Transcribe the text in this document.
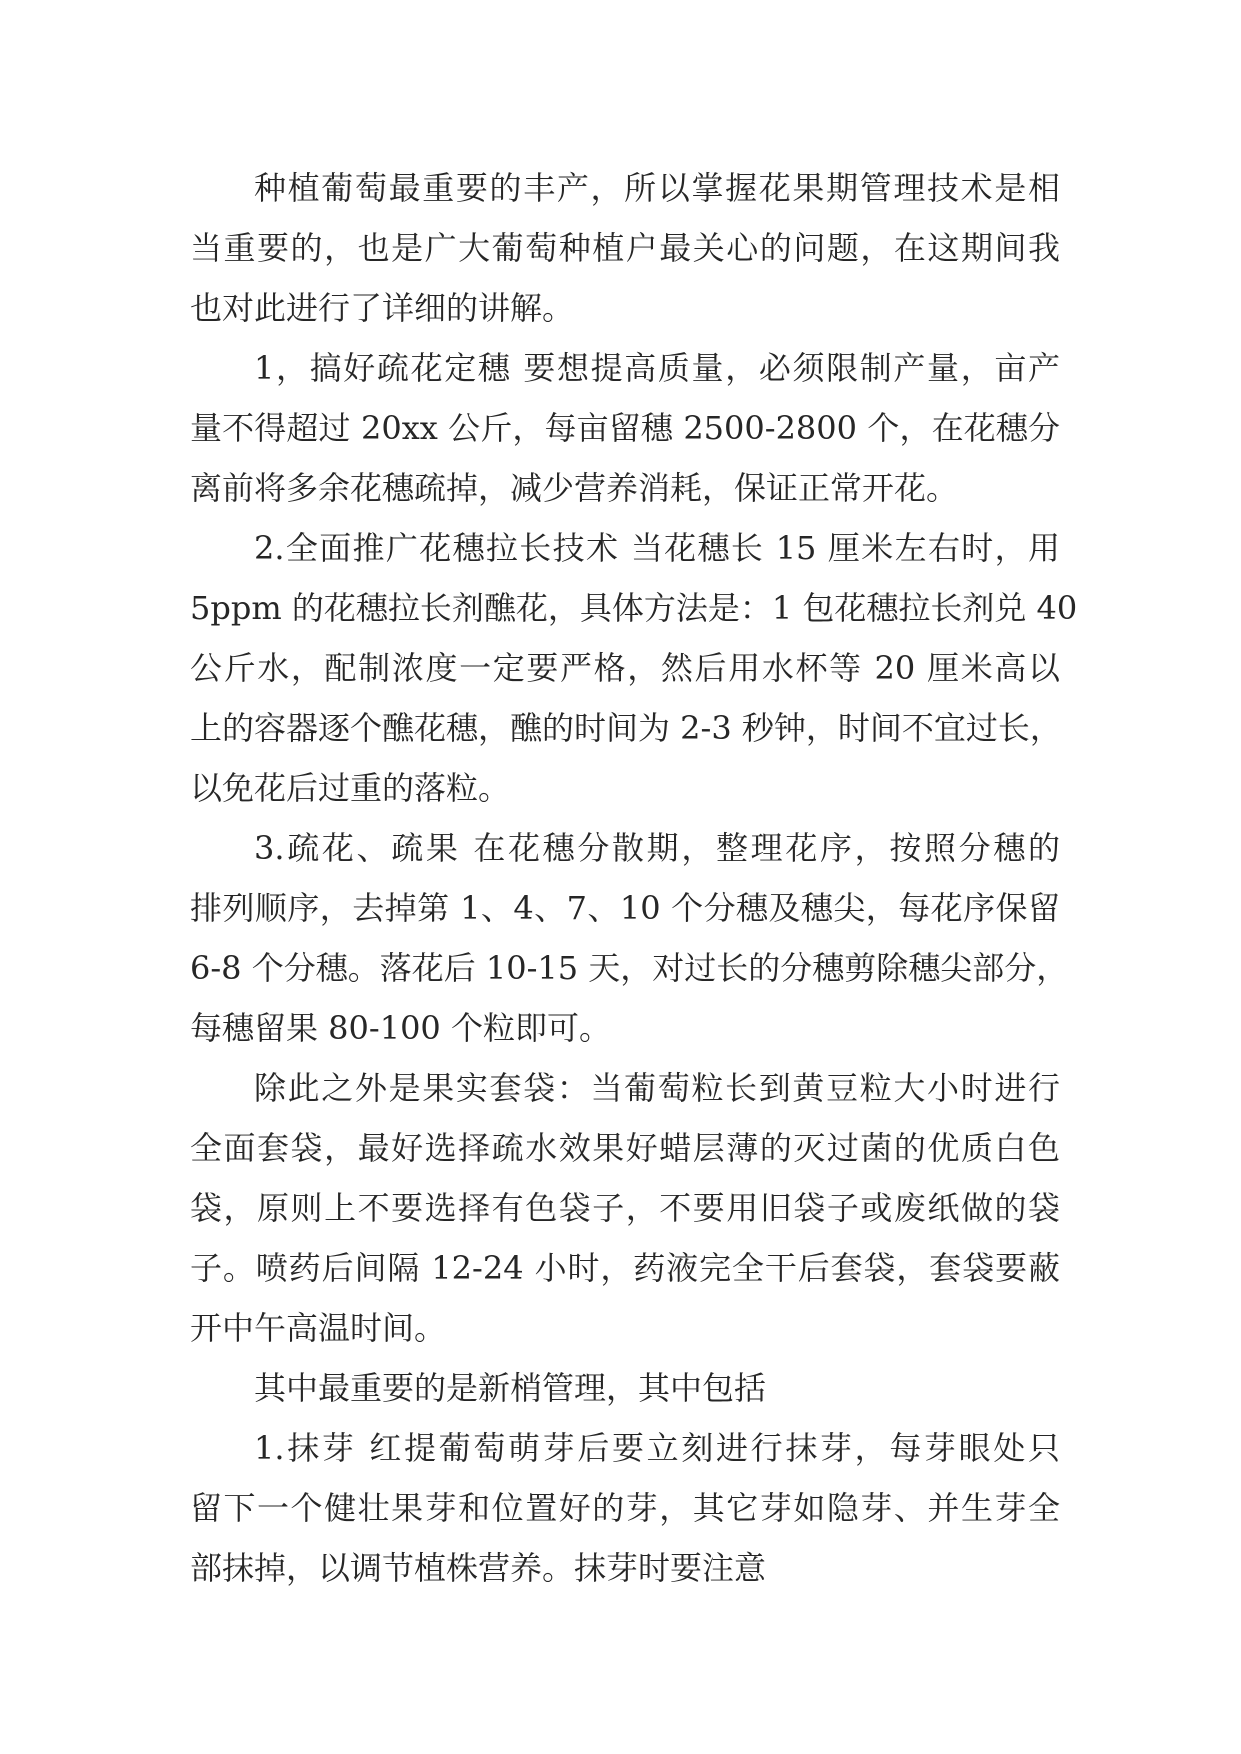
种植葡萄最重要的丰产，所以掌握花果期管理技术是相
当重要的，也是广大葡萄种植户最关心的问题，在这期间我
也对此进行了详细的讲解。
1，搞好疏花定穗 要想提高质量，必须限制产量，亩产
量不得超过 20xx 公斤，每亩留穗 2500-2800 个，在花穗分
离前将多余花穗疏掉，减少营养消耗，保证正常开花。
2.全面推广花穗拉长技术 当花穗长 15 厘米左右时，用
5ppm 的花穗拉长剂醮花，具体方法是：1 包花穗拉长剂兑 40
公斤水，配制浓度一定要严格，然后用水杯等 20 厘米高以
上的容器逐个醮花穗，醮的时间为 2-3 秒钟，时间不宜过长，
以免花后过重的落粒。
3.疏花、疏果 在花穗分散期，整理花序，按照分穗的
排列顺序，去掉第 1、4、7、10 个分穗及穗尖，每花序保留
6-8 个分穗。落花后 10-15 天，对过长的分穗剪除穗尖部分，
每穗留果 80-100 个粒即可。
除此之外是果实套袋：当葡萄粒长到黄豆粒大小时进行
全面套袋，最好选择疏水效果好蜡层薄的灭过菌的优质白色
袋，原则上不要选择有色袋子，不要用旧袋子或废纸做的袋
子。喷药后间隔 12-24 小时，药液完全干后套袋，套袋要蔽
开中午高温时间。
其中最重要的是新梢管理，其中包括
1.抹芽 红提葡萄萌芽后要立刻进行抹芽，每芽眼处只
留下一个健壮果芽和位置好的芽，其它芽如隐芽、并生芽全
部抹掉，以调节植株营养。抹芽时要注意
